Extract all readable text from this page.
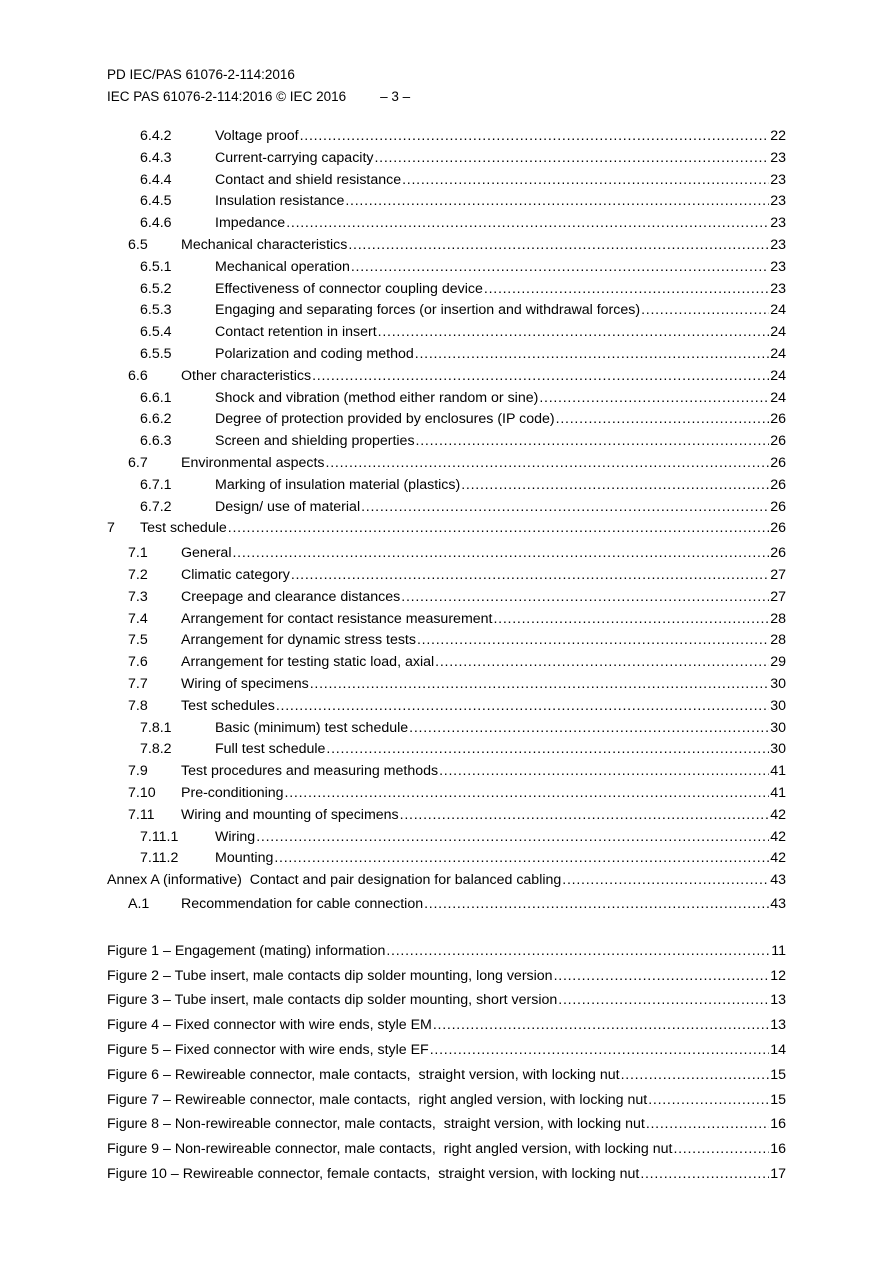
PD IEC/PAS 61076-2-114:2016
IEC PAS 61076-2-114:2016 © IEC 2016	– 3 –
6.4.2	Voltage proof . . .	22
6.4.3	Current-carrying capacity . . .	23
6.4.4	Contact and shield resistance . . .	23
6.4.5	Insulation resistance . . .	23
6.4.6	Impedance . . .	23
6.5	Mechanical characteristics . . .	23
6.5.1	Mechanical operation . . .	23
6.5.2	Effectiveness of connector coupling device . . .	23
6.5.3	Engaging and separating forces (or insertion and withdrawal forces) . . .	24
6.5.4	Contact retention in insert . . .	24
6.5.5	Polarization and coding method . . .	24
6.6	Other characteristics . . .	24
6.6.1	Shock and vibration (method either random or sine) . . .	24
6.6.2	Degree of protection provided by enclosures (IP code) . . .	26
6.6.3	Screen and shielding properties . . .	26
6.7	Environmental aspects . . .	26
6.7.1	Marking of insulation material (plastics) . . .	26
6.7.2	Design/ use of material . . .	26
7	Test schedule . . .	26
7.1	General . . .	26
7.2	Climatic category . . .	27
7.3	Creepage and clearance distances . . .	27
7.4	Arrangement for contact resistance measurement . . .	28
7.5	Arrangement for dynamic stress tests . . .	28
7.6	Arrangement for testing static load, axial . . .	29
7.7	Wiring of specimens . . .	30
7.8	Test schedules . . .	30
7.8.1	Basic (minimum) test schedule . . .	30
7.8.2	Full test schedule . . .	30
7.9	Test procedures and measuring methods . . .	41
7.10	Pre-conditioning . . .	41
7.11	Wiring and mounting of specimens . . .	42
7.11.1	Wiring . . .	42
7.11.2	Mounting . . .	42
Annex A (informative)  Contact and pair designation for balanced cabling . . .	43
A.1	Recommendation for cable connection . . .	43
Figure 1 – Engagement (mating) information . . .	11
Figure 2 – Tube insert, male contacts dip solder mounting, long version . . .	12
Figure 3 – Tube insert, male contacts dip solder mounting, short version . . .	13
Figure 4 – Fixed connector with wire ends, style EM . . .	13
Figure 5 – Fixed connector with wire ends, style EF . . .	14
Figure 6 – Rewireable connector, male contacts,  straight version, with locking nut . . .	15
Figure 7 – Rewireable connector, male contacts,  right angled version, with locking nut . . .	15
Figure 8 – Non-rewireable connector, male contacts,  straight version, with locking nut . . .	16
Figure 9 – Non-rewireable connector, male contacts,  right angled version, with locking nut . . .	16
Figure 10 – Rewireable connector, female contacts,  straight version, with locking nut . . .	17
